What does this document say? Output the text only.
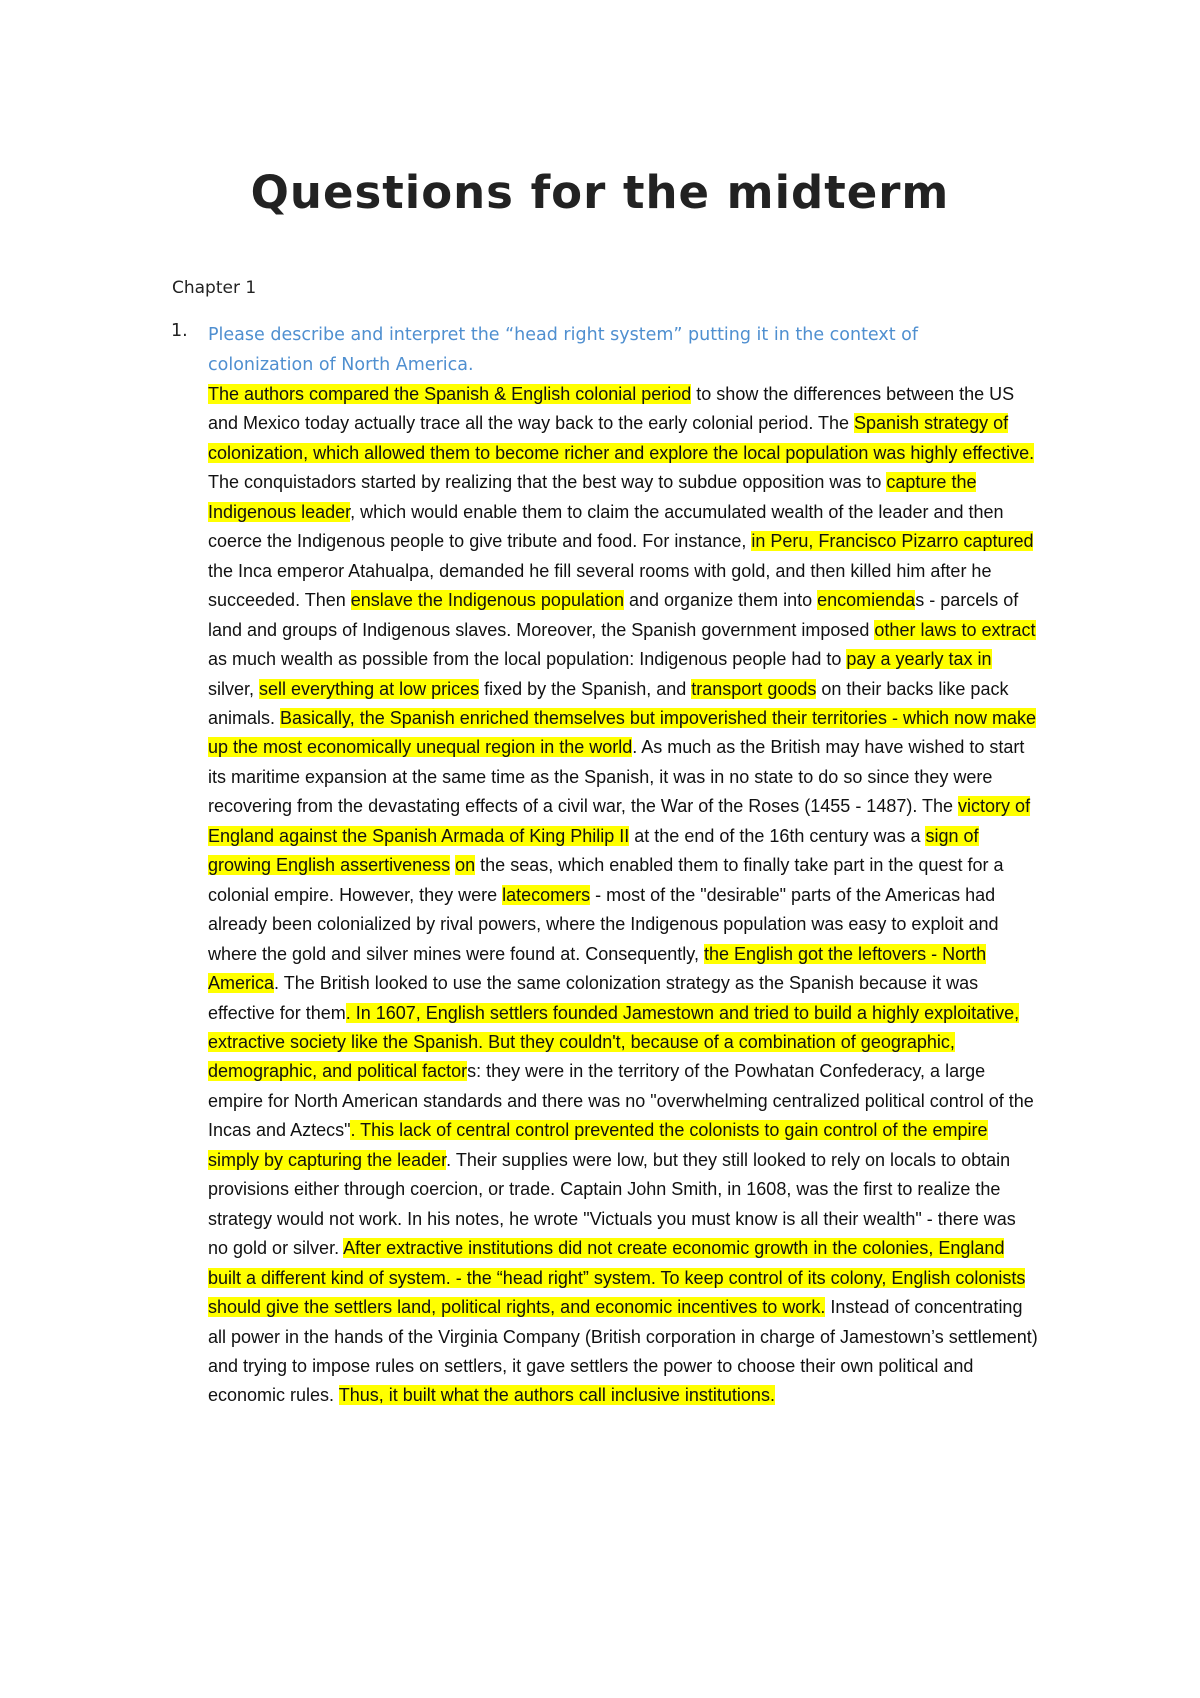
Questions for the midterm
Chapter 1
1. Please describe and interpret the “head right system” putting it in the context of colonization of North America.

The authors compared the Spanish & English colonial period to show the differences between the US and Mexico today actually trace all the way back to the early colonial period. The Spanish strategy of colonization, which allowed them to become richer and explore the local population was highly effective. The conquistadors started by realizing that the best way to subdue opposition was to capture the Indigenous leader, which would enable them to claim the accumulated wealth of the leader and then coerce the Indigenous people to give tribute and food. For instance, in Peru, Francisco Pizarro captured the Inca emperor Atahualpa, demanded he fill several rooms with gold, and then killed him after he succeeded. Then enslave the Indigenous population and organize them into encomiendas - parcels of land and groups of Indigenous slaves. Moreover, the Spanish government imposed other laws to extract as much wealth as possible from the local population: Indigenous people had to pay a yearly tax in silver, sell everything at low prices fixed by the Spanish, and transport goods on their backs like pack animals. Basically, the Spanish enriched themselves but impoverished their territories - which now make up the most economically unequal region in the world. As much as the British may have wished to start its maritime expansion at the same time as the Spanish, it was in no state to do so since they were recovering from the devastating effects of a civil war, the War of the Roses (1455 - 1487). The victory of England against the Spanish Armada of King Philip II at the end of the 16th century was a sign of growing English assertiveness on the seas, which enabled them to finally take part in the quest for a colonial empire. However, they were latecomers - most of the "desirable" parts of the Americas had already been colonialized by rival powers, where the Indigenous population was easy to exploit and where the gold and silver mines were found at. Consequently, the English got the leftovers - North America. The British looked to use the same colonization strategy as the Spanish because it was effective for them. In 1607, English settlers founded Jamestown and tried to build a highly exploitative, extractive society like the Spanish. But they couldn't, because of a combination of geographic, demographic, and political factors: they were in the territory of the Powhatan Confederacy, a large empire for North American standards and there was no "overwhelming centralized political control of the Incas and Aztecs". This lack of central control prevented the colonists to gain control of the empire simply by capturing the leader. Their supplies were low, but they still looked to rely on locals to obtain provisions either through coercion, or trade. Captain John Smith, in 1608, was the first to realize the strategy would not work. In his notes, he wrote "Victuals you must know is all their wealth" - there was no gold or silver. After extractive institutions did not create economic growth in the colonies, England built a different kind of system. - the “head right” system. To keep control of its colony, English colonists should give the settlers land, political rights, and economic incentives to work. Instead of concentrating all power in the hands of the Virginia Company (British corporation in charge of Jamestown’s settlement) and trying to impose rules on settlers, it gave settlers the power to choose their own political and economic rules. Thus, it built what the authors call inclusive institutions.
